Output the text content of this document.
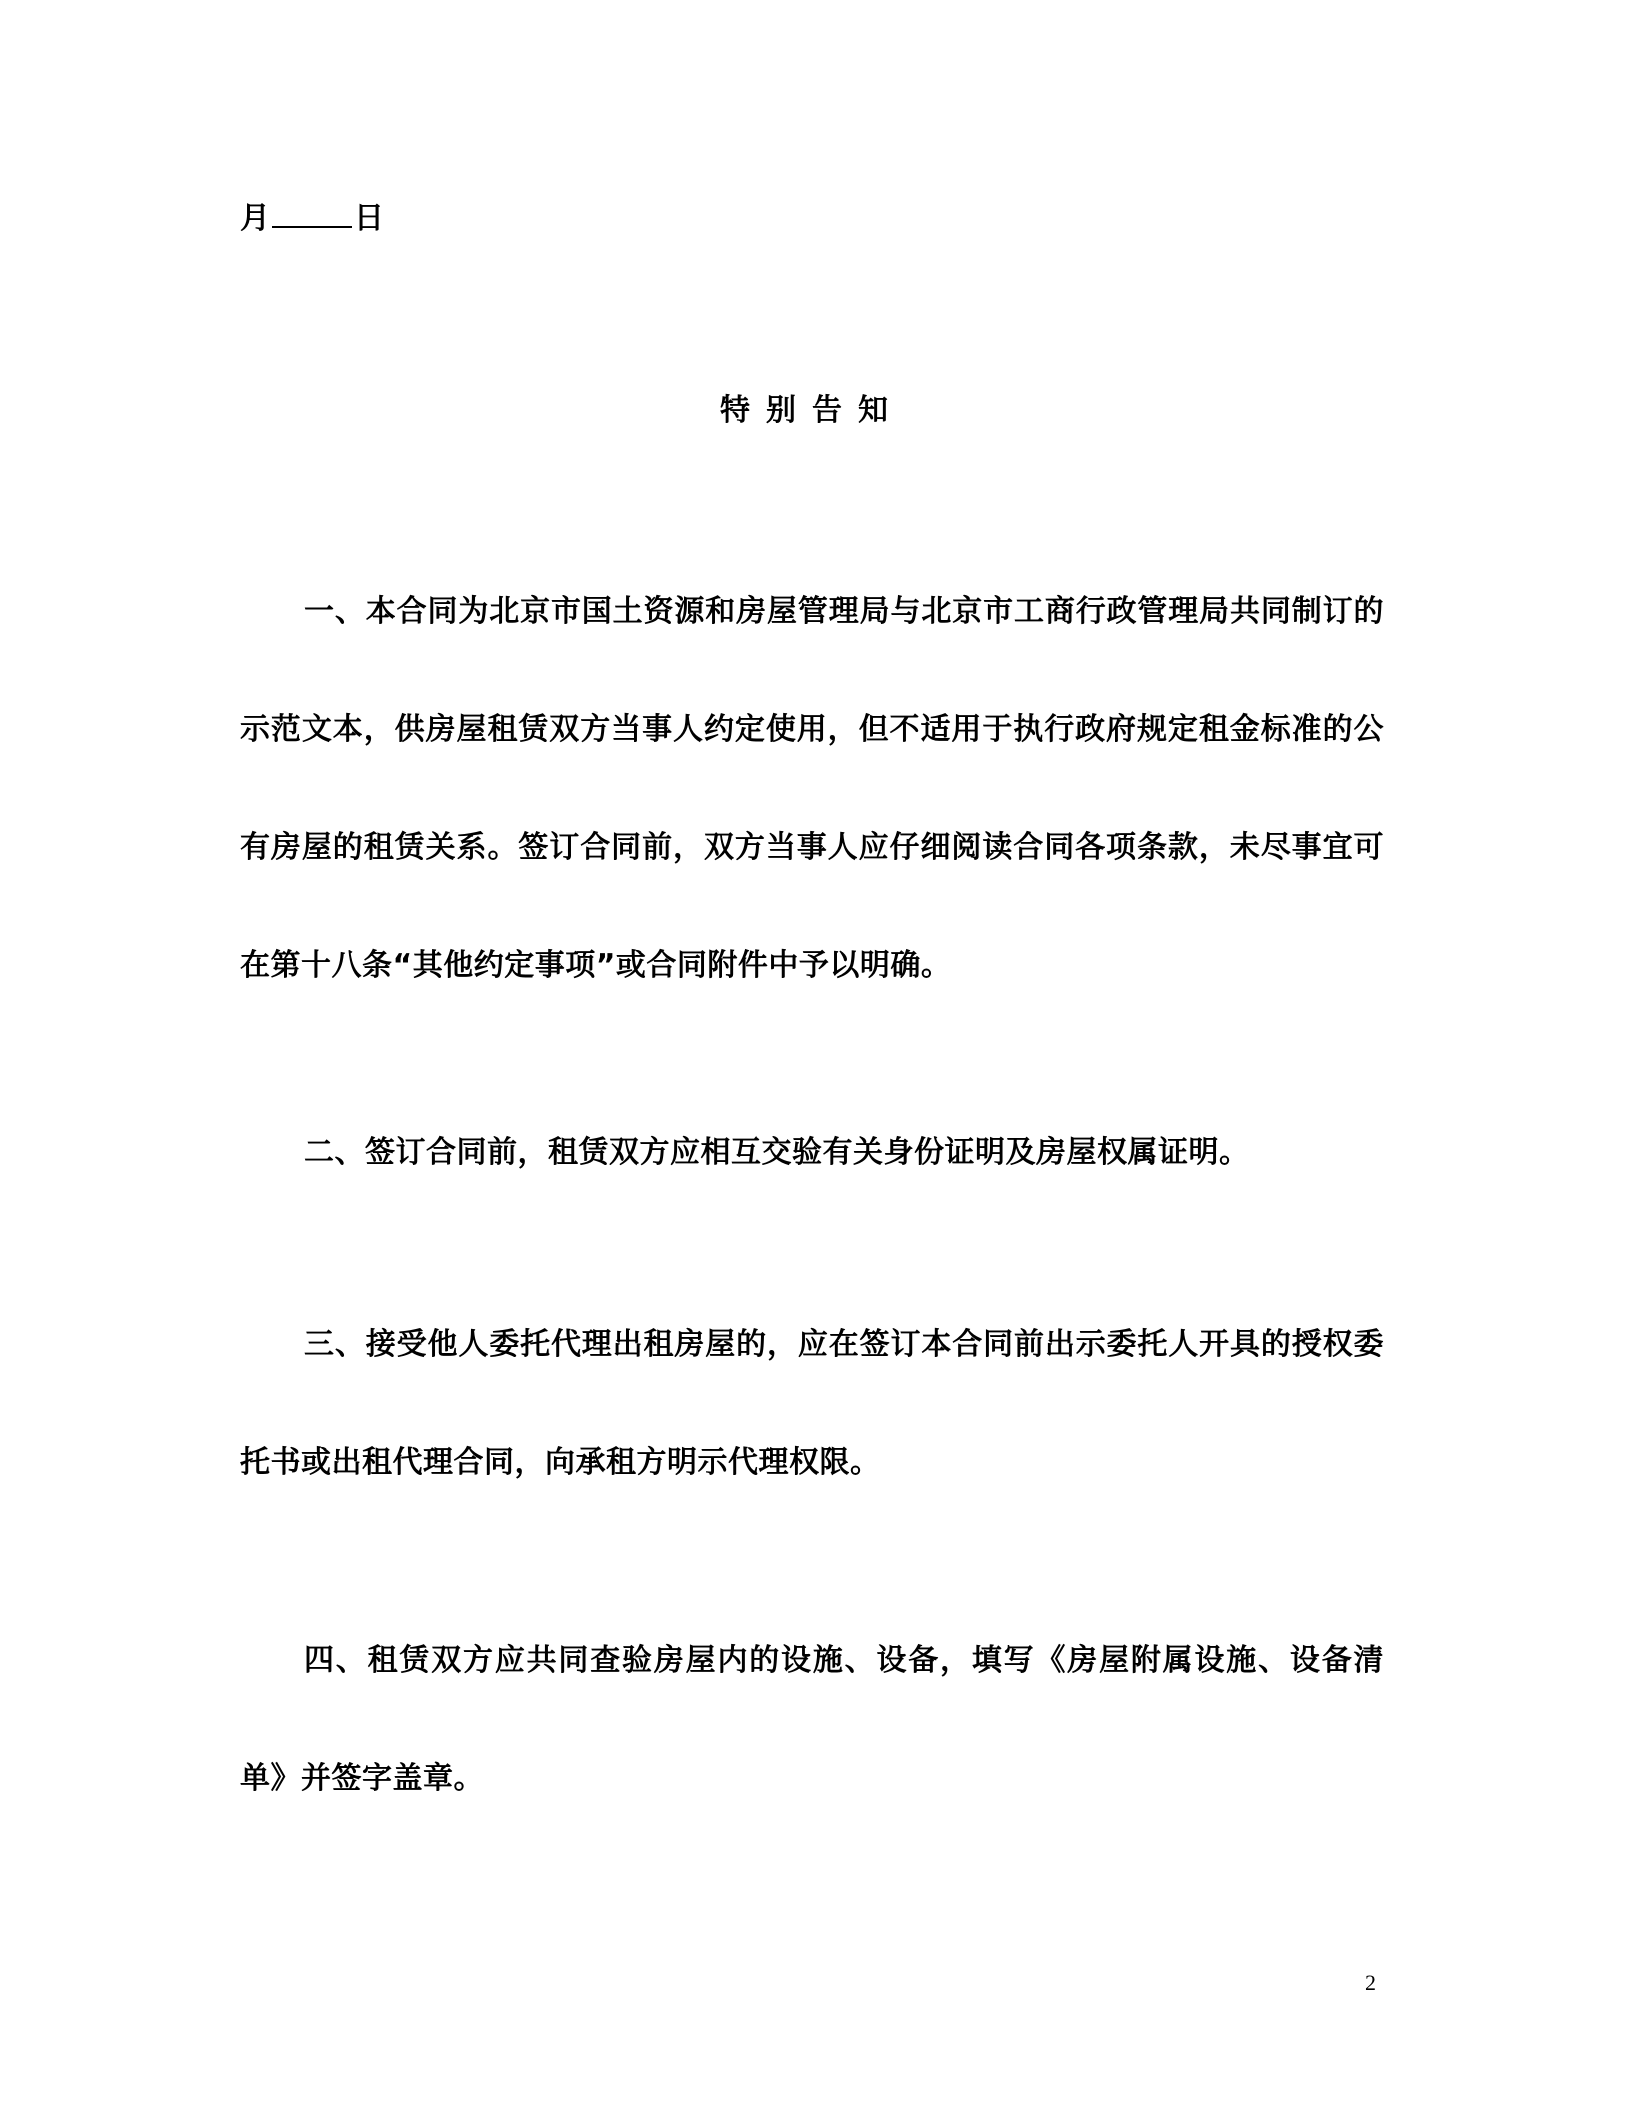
月	日
特别告知

一、本合同为北京市国土资源和房屋管理局与北京市工商行政管理局共同制订的示范文本，供房屋租赁双方当事人约定使用，但不适用于执行政府规定租金标准的公有房屋的租赁关系。签订合同前，双方当事人应仔细阅读合同各项条款，未尽事宜可在第十八条“其他约定事项”或合同附件中予以明确。

二、签订合同前，租赁双方应相互交验有关身份证明及房屋权属证明。

三、接受他人委托代理出租房屋的，应在签订本合同前出示委托人开具的授权委托书或出租代理合同，向承租方明示代理权限。

四、租赁双方应共同查验房屋内的设施、设备，填写《房屋附属设施、设备清单》并签字盖章。

2
